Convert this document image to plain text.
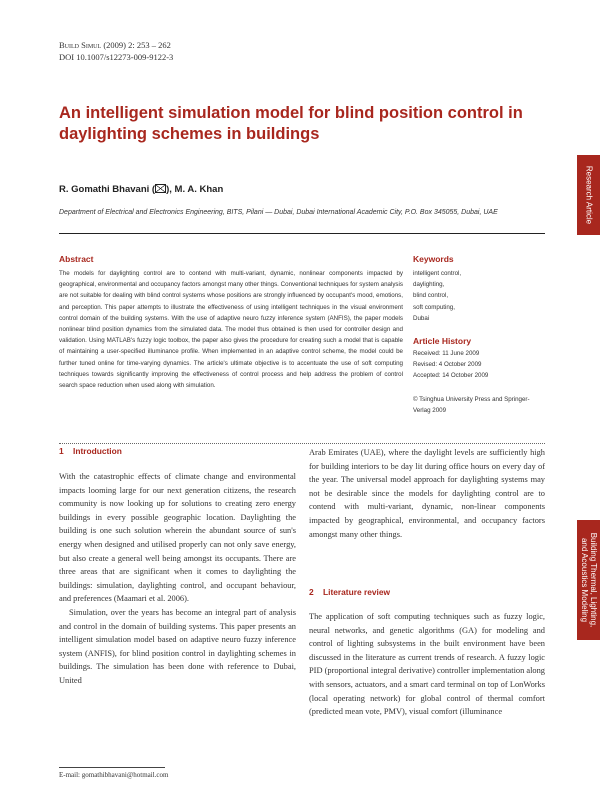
Build Simul (2009) 2: 253 – 262
DOI 10.1007/s12273-009-9122-3
An intelligent simulation model for blind position control in daylighting schemes in buildings
R. Gomathi Bhavani ( ), M. A. Khan
Department of Electrical and Electronics Engineering, BITS, Pilani — Dubai, Dubai International Academic City, P.O. Box 345055, Dubai, UAE	Research Article
Building Thermal, Lighting, and Acoustics Modeling
Abstract
The models for daylighting control are to contend with multi-variant, dynamic, nonlinear components impacted by geographical, environmental and occupancy factors amongst many other things. Conventional techniques for system analysis are not suitable for dealing with blind control systems whose positions are strongly influenced by occupant's mood, emotions, and perception. This paper attempts to illustrate the effectiveness of using intelligent techniques in the visual environment control domain of the building systems. With the use of adaptive neuro fuzzy inference system (ANFIS), the paper models nonlinear blind position dynamics from the simulated data. The model thus obtained is then used for controller design and validation. Using MATLAB's fuzzy logic toolbox, the paper also gives the procedure for creating such a model that is capable of maintaining a user-specified illuminance profile. When implemented in an adaptive control scheme, the model could be further tuned online for time-varying dynamics. The article's ultimate objective is to accentuate the use of soft computing techniques towards significantly improving the effectiveness of control process and help address the problem of control search space reduction when used along with simulation.
Keywords
intelligent control,
daylighting,
blind control,
soft computing,
Dubai
Article History
Received: 11 June 2009
Revised: 4 October 2009
Accepted: 14 October 2009
© Tsinghua University Press and Springer-Verlag 2009
1 Introduction

With the catastrophic effects of climate change and environmental impacts looming large for our next generation citizens, the research community is now looking up for solutions to creating zero energy buildings in every possible geographic location. Daylighting the building is one such solution wherein the abundant source of sun's energy when designed and utilised properly can not only save energy, but also create a general well being amongst its occupants. There are three areas that are significant when it comes to daylighting the buildings: simulation, daylighting control, and occupant behaviour, and preferences (Maamari et al. 2006).

Simulation, over the years has become an integral part of analysis and control in the domain of building systems. This paper presents an intelligent simulation model based on adaptive neuro fuzzy inference system (ANFIS), for blind position control in daylighting schemes in buildings. The simulation has been done with reference to Dubai, United

Arab Emirates (UAE), where the daylight levels are sufficiently high for building interiors to be day lit during office hours on every day of the year. The universal model approach for daylighting systems may not be desirable since the models for daylighting control are to contend with multi-variant, dynamic, non-linear components impacted by geographical, environmental, and occupancy factors amongst many other things.

2 Literature review

The application of soft computing techniques such as fuzzy logic, neural networks, and genetic algorithms (GA) for modeling and control of lighting subsystems in the built environment have been discussed in the literature as current trends of research. A fuzzy logic PID (proportional integral derivative) controller implementation along with sensors, actuators, and a smart card terminal on top of LonWorks (local operating network) for global control of thermal comfort (predicted mean vote, PMV), visual comfort (illuminance

E-mail: gomathibhavani@hotmail.com
